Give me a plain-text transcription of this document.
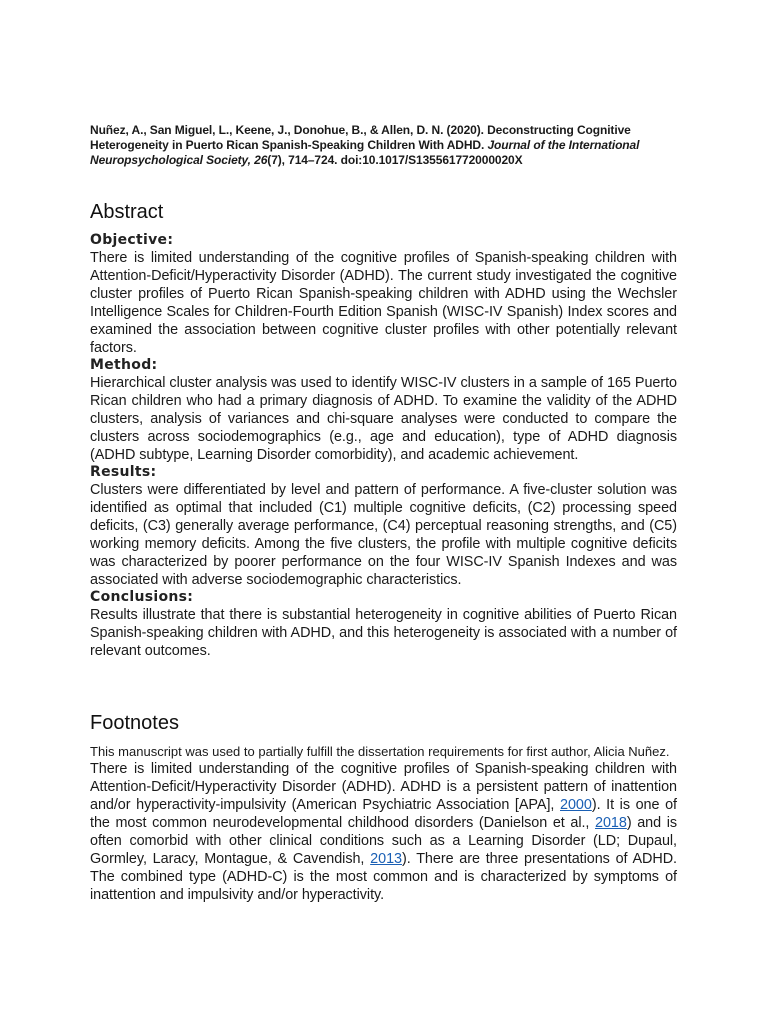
Nuñez, A., San Miguel, L., Keene, J., Donohue, B., & Allen, D. N. (2020). Deconstructing Cognitive Heterogeneity in Puerto Rican Spanish-Speaking Children With ADHD. Journal of the International Neuropsychological Society, 26(7), 714–724. doi:10.1017/S135561772000020X
Abstract
Objective:

There is limited understanding of the cognitive profiles of Spanish-speaking children with Attention-Deficit/Hyperactivity Disorder (ADHD). The current study investigated the cognitive cluster profiles of Puerto Rican Spanish-speaking children with ADHD using the Wechsler Intelligence Scales for Children-Fourth Edition Spanish (WISC-IV Spanish) Index scores and examined the association between cognitive cluster profiles with other potentially relevant factors.

Method:

Hierarchical cluster analysis was used to identify WISC-IV clusters in a sample of 165 Puerto Rican children who had a primary diagnosis of ADHD. To examine the validity of the ADHD clusters, analysis of variances and chi-square analyses were conducted to compare the clusters across sociodemographics (e.g., age and education), type of ADHD diagnosis (ADHD subtype, Learning Disorder comorbidity), and academic achievement.

Results:

Clusters were differentiated by level and pattern of performance. A five-cluster solution was identified as optimal that included (C1) multiple cognitive deficits, (C2) processing speed deficits, (C3) generally average performance, (C4) perceptual reasoning strengths, and (C5) working memory deficits. Among the five clusters, the profile with multiple cognitive deficits was characterized by poorer performance on the four WISC-IV Spanish Indexes and was associated with adverse sociodemographic characteristics.

Conclusions:

Results illustrate that there is substantial heterogeneity in cognitive abilities of Puerto Rican Spanish-speaking children with ADHD, and this heterogeneity is associated with a number of relevant outcomes.

Footnotes

This manuscript was used to partially fulfill the dissertation requirements for first author, Alicia Nuñez.

There is limited understanding of the cognitive profiles of Spanish-speaking children with Attention-Deficit/Hyperactivity Disorder (ADHD). ADHD is a persistent pattern of inattention and/or hyperactivity-impulsivity (American Psychiatric Association [APA], 2000). It is one of the most common neurodevelopmental childhood disorders (Danielson et al., 2018) and is often comorbid with other clinical conditions such as a Learning Disorder (LD; Dupaul, Gormley, Laracy, Montague, & Cavendish, 2013). There are three presentations of ADHD. The combined type (ADHD-C) is the most common and is characterized by symptoms of inattention and impulsivity and/or hyperactivity.
